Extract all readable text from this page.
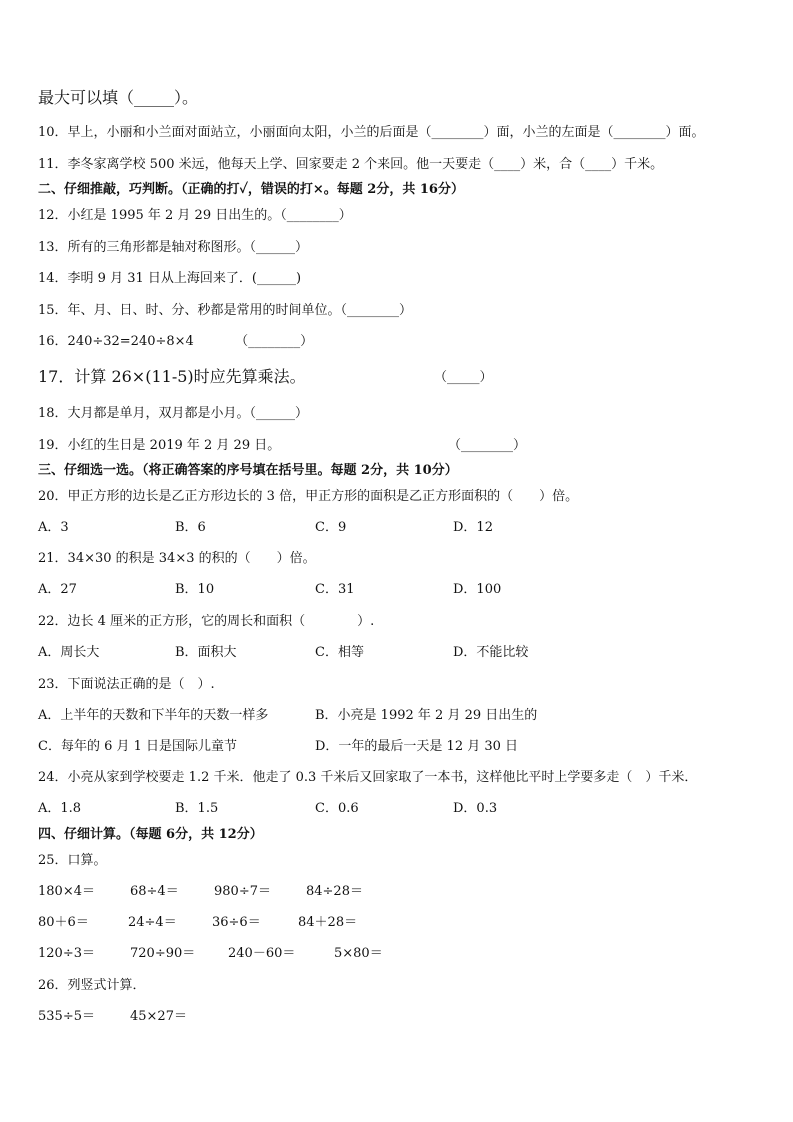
最大可以填（_____）。
10．早上，小丽和小兰面对面站立，小丽面向太阳，小兰的后面是（________）面，小兰的左面是（________）面。
11．李冬家离学校 500 米远，他每天上学、回家要走 2 个来回。他一天要走（____）米，合（____）千米。
二、仔细推敲，巧判断。（正确的打✓，错误的打×。每题 2分，共 16分）
12．小红是 1995 年 2 月 29 日出生的。（________）
13．所有的三角形都是轴对称图形。（______）
14．李明 9 月 31 日从上海回来了．(______)
15．年、月、日、时、分、秒都是常用的时间单位。（________）
16．240÷32=240÷8×4          （________）
17．计算 26×(11-5)时应先算乘法。	（_____）
18．大月都是单月，双月都是小月。（______）
19．小红的生日是 2019 年 2 月 29 日。	（________）
三、仔细选一选。（将正确答案的序号填在括号里。每题 2分，共 10分）
20．甲正方形的边长是乙正方形边长的 3 倍，甲正方形的面积是乙正方形面积的（　　）倍。
A．3	B．6	C．9	D．12
21．34×30 的积是 34×3 的积的（　　）倍。
A．27	B．10	C．31	D．100
22．边长 4 厘米的正方形，它的周长和面积（　　　　）.
A．周长大	B．面积大	C．相等	D．不能比较
23．下面说法正确的是（　）.
A．上半年的天数和下半年的天数一样多	B．小亮是 1992 年 2 月 29 日出生的
C．每年的 6 月 1 日是国际儿童节	D．一年的最后一天是 12 月 30 日
24．小亮从家到学校要走 1.2 千米．他走了 0.3 千米后又回家取了一本书，这样他比平时上学要多走（　）千米．
A．1.8	B．1.5	C．0.6	D．0.3
四、仔细计算。（每题 6分，共 12分）
25．口算。
180×4＝	68÷4＝	980÷7＝	84÷28＝
80＋6＝	24÷4＝	36÷6＝	84＋28＝
120÷3＝	720÷90＝	240－60＝	5×80＝
26．列竖式计算．
535÷5＝	45×27＝
